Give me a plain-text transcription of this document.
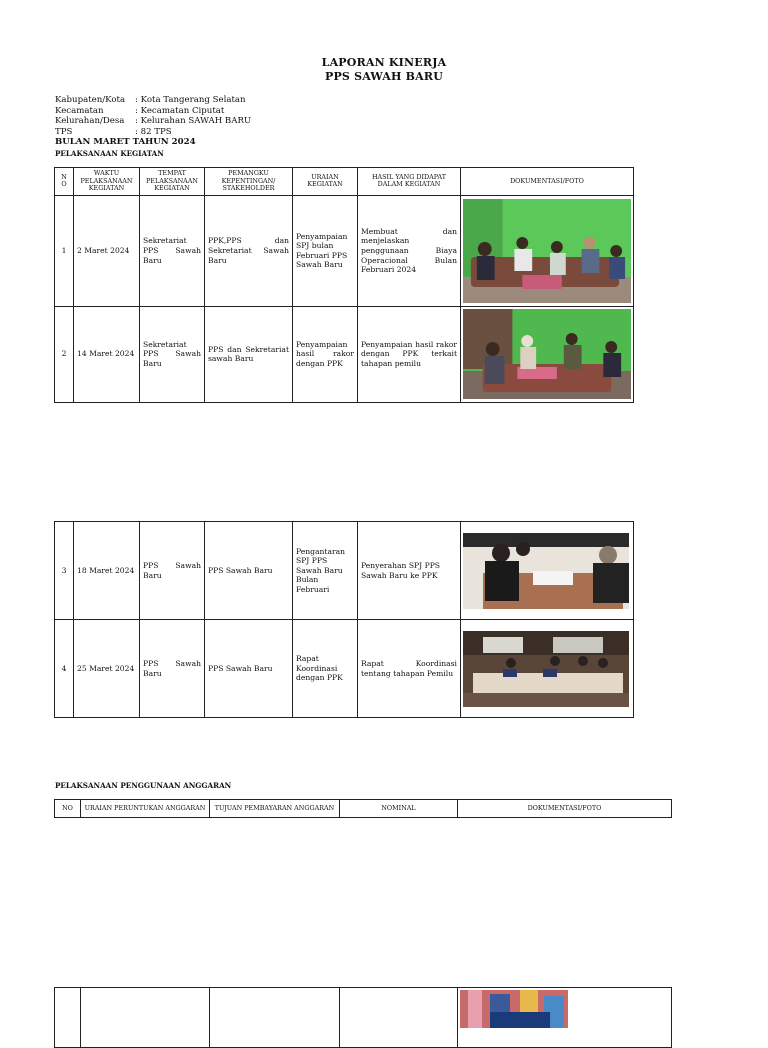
LAPORAN KINERJA
PPS SAWAH BARU
Kabupaten/Kota	: Kota Tangerang Selatan
Kecamatan	: Kecamatan Ciputat
Kelurahan/Desa	: Kelurahan SAWAH BARU
TPS	: 82 TPS
BULAN MARET TAHUN 2024
PELAKSANAAN KEGIATAN
N O	WAKTU PELAKSANAAN KEGIATAN	TEMPAT PELAKSANAAN KEGIATAN	PEMANGKU KEPENTINGAN/ STAKEHOLDER	URAIAN KEGIATAN	HASIL YANG DIDAPAT DALAM KEGIATAN	DOKUMENTASI/FOTO
1	2 Maret 2024	Sekretariat PPS Sawah Baru	PPK,PPS dan Sekretariat Sawah Baru	Penyampaian SPJ bulan Februari PPS Sawah Baru	Membuat dan menjelaskan penggunaan Biaya Operacional Bulan Februari 2024	

2	14 Maret 2024	Sekretariat PPS Sawah Baru	PPS dan Sekretariat sawah Baru	Penyampaian hasil rakor dengan PPK	Penyampaian hasil rakor dengan PPK terkait tahapan pemilu	
3	18 Maret 2024	PPS Sawah Baru	PPS Sawah Baru	Pengantaran SPJ PPS Sawah Baru Bulan Februari	Penyerahan SPJ PPS Sawah Baru ke PPK	

4	25 Maret 2024	PPS Sawah Baru	PPS Sawah Baru	Rapat Koordinasi dengan PPK	Rapat Koordinasi tentang tahapan Pemilu	
PELAKSANAAN PENGGUNAAN ANGGARAN
NO	URAIAN PERUNTUKAN ANGGARAN	TUJUAN PEMBAYARAN ANGGARAN	NOMINAL	DOKUMENTASI/FOTO
